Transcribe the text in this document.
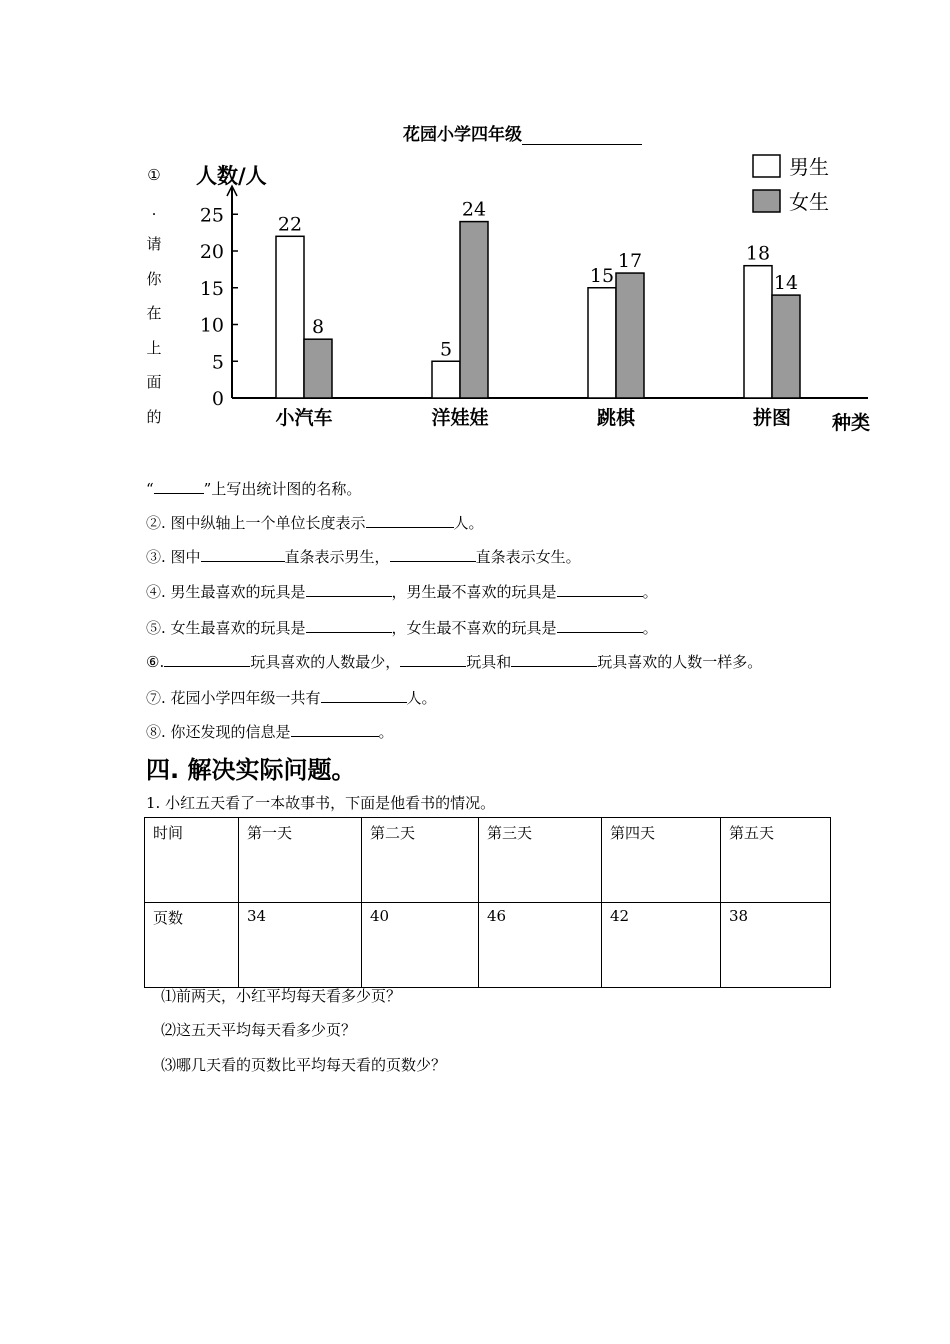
花园小学四年级
①
.
请
你
在
上
面
的
人数/人
种类
男生
女生
0
5
10
15
20
25	22
5
15
18
8
24
17
14
小汽车	洋娃娃	跳棋	拼图
“	”上写出统计图的名称。
②. 图中纵轴上一个单位长度表示	人。
③. 图中	直条表示男生，	直条表示女生。
④. 男生最喜欢的玩具是	，男生最不喜欢的玩具是	。
⑤. 女生最喜欢的玩具是	，女生最不喜欢的玩具是	。
⑥.	玩具喜欢的人数最少，	玩具和	玩具喜欢的人数一样多。
⑦. 花园小学四年级一共有	人。
⑧. 你还发现的信息是	。
四. 解决实际问题。
1. 小红五天看了一本故事书，下面是他看书的情况。
时间	第一天	第二天	第三天	第四天	第五天
页数	34	40	46	42	38
⑴前两天，小红平均每天看多少页？
⑵这五天平均每天看多少页？
⑶哪几天看的页数比平均每天看的页数少？
